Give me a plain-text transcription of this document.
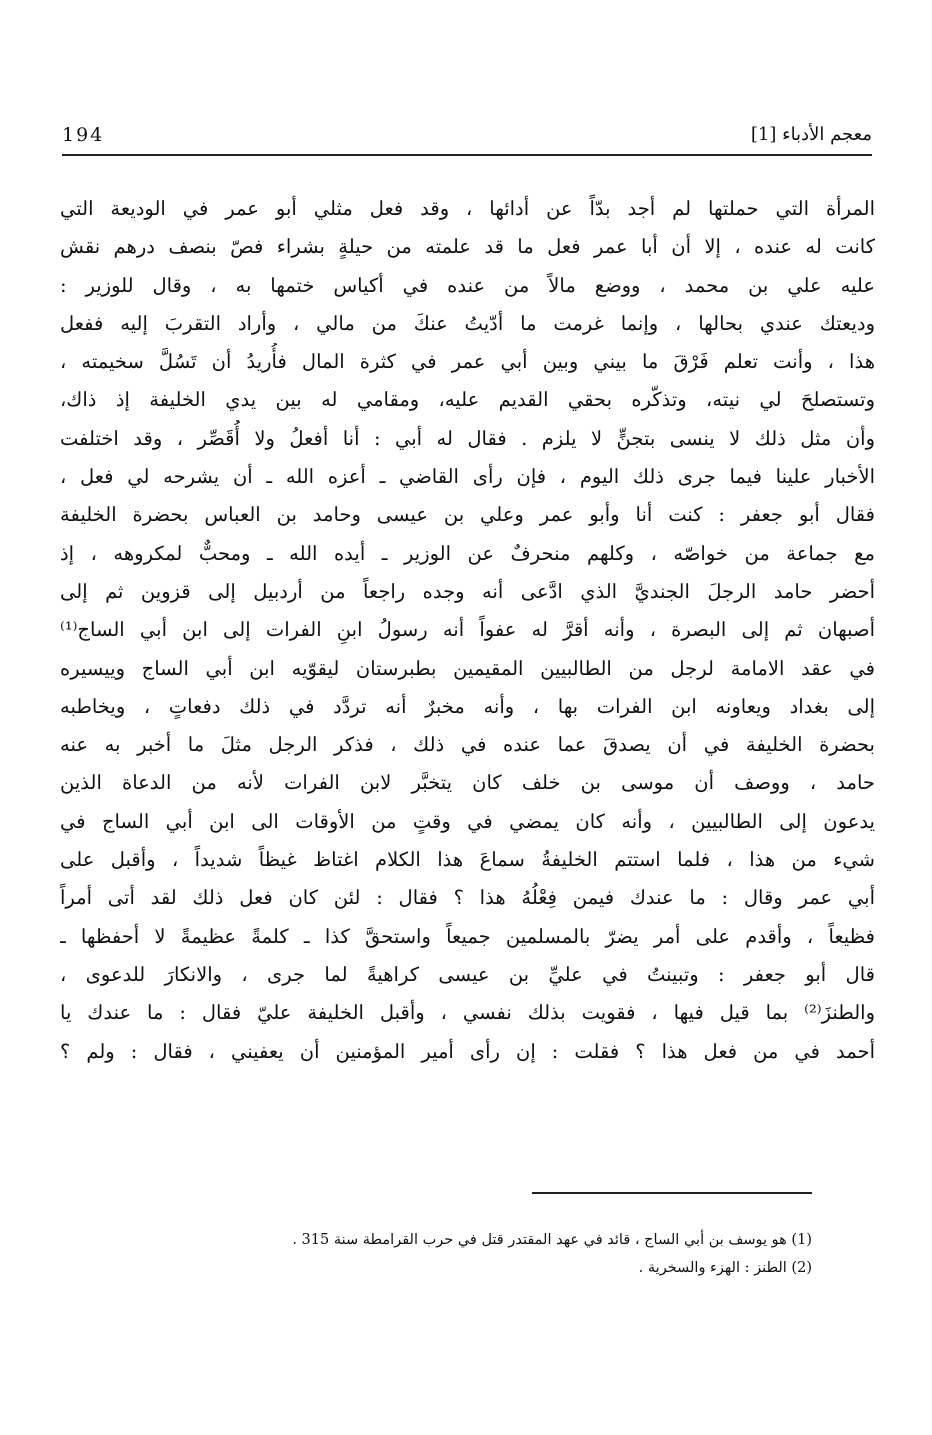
194	معجم الأدباء [1]
المرأة التي حملتها لم أجد بدّاً عن أدائها ، وقد فعل مثلي أبو عمر في الوديعة التي
كانت له عنده ، إلا أن أبا عمر فعل ما قد علمته من حيلةٍ بشراء فصّ بنصف درهم نقش
عليه علي بن محمد ، ووضع مالاً من عنده في أكياس ختمها به ، وقال للوزير :
وديعتك عندي بحالها ، وإنما غرمت ما أدّيتُ عنكَ من مالي ، وأراد التقربَ إليه ففعل
هذا ، وأنت تعلم فَرْقَ ما بيني وبين أبي عمر في كثرة المال فأُريدُ أن تَسُلَّ سخيمته ،
وتستصلحَ لي نيته، وتذكّره بحقي القديم عليه، ومقامي له بين يدي الخليفة إذ ذاك،
وأن مثل ذلك لا ينسى بتجنٍّ لا يلزم . فقال له أبي : أنا أفعلُ ولا أُقَصِّر ، وقد اختلفت
الأخبار علينا فيما جرى ذلك اليوم ، فإن رأى القاضي ـ أعزه الله ـ أن يشرحه لي فعل ،
فقال أبو جعفر : كنت أنا وأبو عمر وعلي بن عيسى وحامد بن العباس بحضرة الخليفة
مع جماعة من خواصّه ، وكلهم منحرفٌ عن الوزير ـ أيده الله ـ ومحبٌّ لمكروهه ، إذ
أحضر حامد الرجلَ الجنديَّ الذي ادَّعى أنه وجده راجعاً من أردبيل إلى قزوين ثم إلى
أصبهان ثم إلى البصرة ، وأنه أقرَّ له عفواً أنه رسولُ ابنِ الفرات إلى ابن أبي الساج⁽¹⁾
في عقد الامامة لرجل من الطالبيين المقيمين بطبرستان ليقوّيه ابن أبي الساج وييسيره
إلى بغداد ويعاونه ابن الفرات بها ، وأنه مخبرٌ أنه تردَّد في ذلك دفعاتٍ ، ويخاطبه
بحضرة الخليفة في أن يصدقَ عما عنده في ذلك ، فذكر الرجل مثلَ ما أخبر به عنه
حامد ، ووصف أن موسى بن خلف كان يتخبَّر لابن الفرات لأنه من الدعاة الذين
يدعون إلى الطالبيين ، وأنه كان يمضي في وقتٍ من الأوقات الى ابن أبي الساج في
شيء من هذا ، فلما استتم الخليفةُ سماعَ هذا الكلام اغتاظ غيظاً شديداً ، وأقبل على
أبي عمر وقال : ما عندك فيمن فِعْلُهُ هذا ؟ فقال : لئن كان فعل ذلك لقد أتى أمراً
فظيعاً ، وأقدم على أمر يضرّ بالمسلمين جميعاً واستحقَّ كذا ـ كلمةً عظيمةً لا أحفظها ـ
قال أبو جعفر : وتبينتُ في عليِّ بن عيسى كراهيةً لما جرى ، والانكارَ للدعوى ،
والطنزَ⁽²⁾ بما قيل فيها ، فقويت بذلك نفسي ، وأقبل الخليفة عليّ فقال : ما عندك يا
أحمد في من فعل هذا ؟ فقلت : إن رأى أمير المؤمنين أن يعفيني ، فقال : ولم ؟
(1) هو يوسف بن أبي الساج ، قائد في عهد المقتدر قتل في حرب القرامطة سنة 315 .
(2) الطنز : الهزء والسخرية .
